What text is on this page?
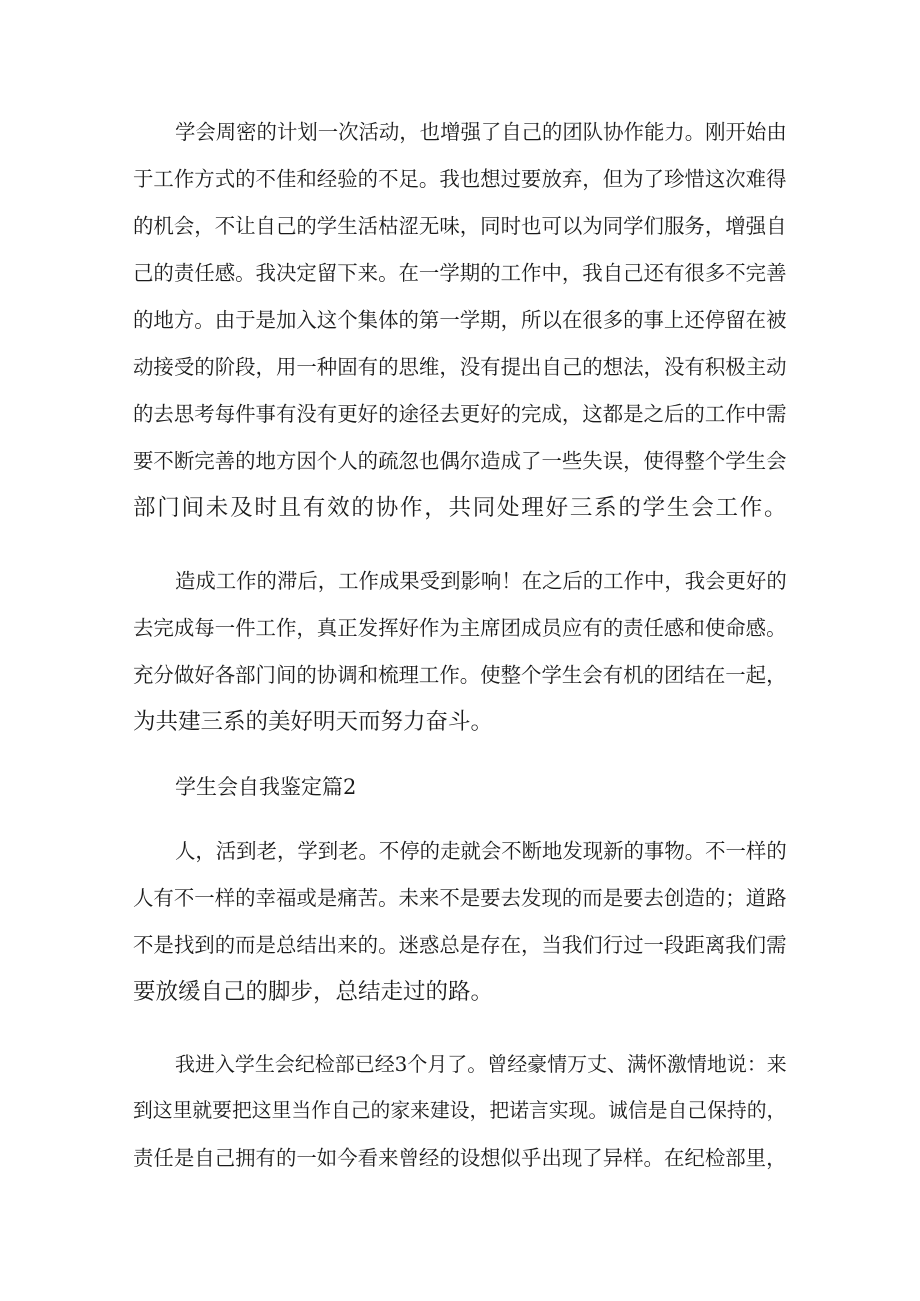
学会周密的计划一次活动，也增强了自己的团队协作能力。刚开始由
于工作方式的不佳和经验的不足。我也想过要放弃，但为了珍惜这次难得
的机会，不让自己的学生活枯涩无味，同时也可以为同学们服务，增强自
己的责任感。我决定留下来。在一学期的工作中，我自己还有很多不完善
的地方。由于是加入这个集体的第一学期，所以在很多的事上还停留在被
动接受的阶段，用一种固有的思维，没有提出自己的想法，没有积极主动
的去思考每件事有没有更好的途径去更好的完成，这都是之后的工作中需
要不断完善的地方因个人的疏忽也偶尔造成了一些失误，使得整个学生会
部门间未及时且有效的协作，共同处理好三系的学生会工作。
造成工作的滞后，工作成果受到影响！在之后的工作中，我会更好的
去完成每一件工作，真正发挥好作为主席团成员应有的责任感和使命感。
充分做好各部门间的协调和梳理工作。使整个学生会有机的团结在一起，
为共建三系的美好明天而努力奋斗。
学生会自我鉴定篇2
人，活到老，学到老。不停的走就会不断地发现新的事物。不一样的
人有不一样的幸福或是痛苦。未来不是要去发现的而是要去创造的；道路
不是找到的而是总结出来的。迷惑总是存在，当我们行过一段距离我们需
要放缓自己的脚步，总结走过的路。
我进入学生会纪检部已经3个月了。曾经豪情万丈、满怀激情地说：来
到这里就要把这里当作自己的家来建设，把诺言实现。诚信是自己保持的，
责任是自己拥有的一如今看来曾经的设想似乎出现了异样。在纪检部里，
